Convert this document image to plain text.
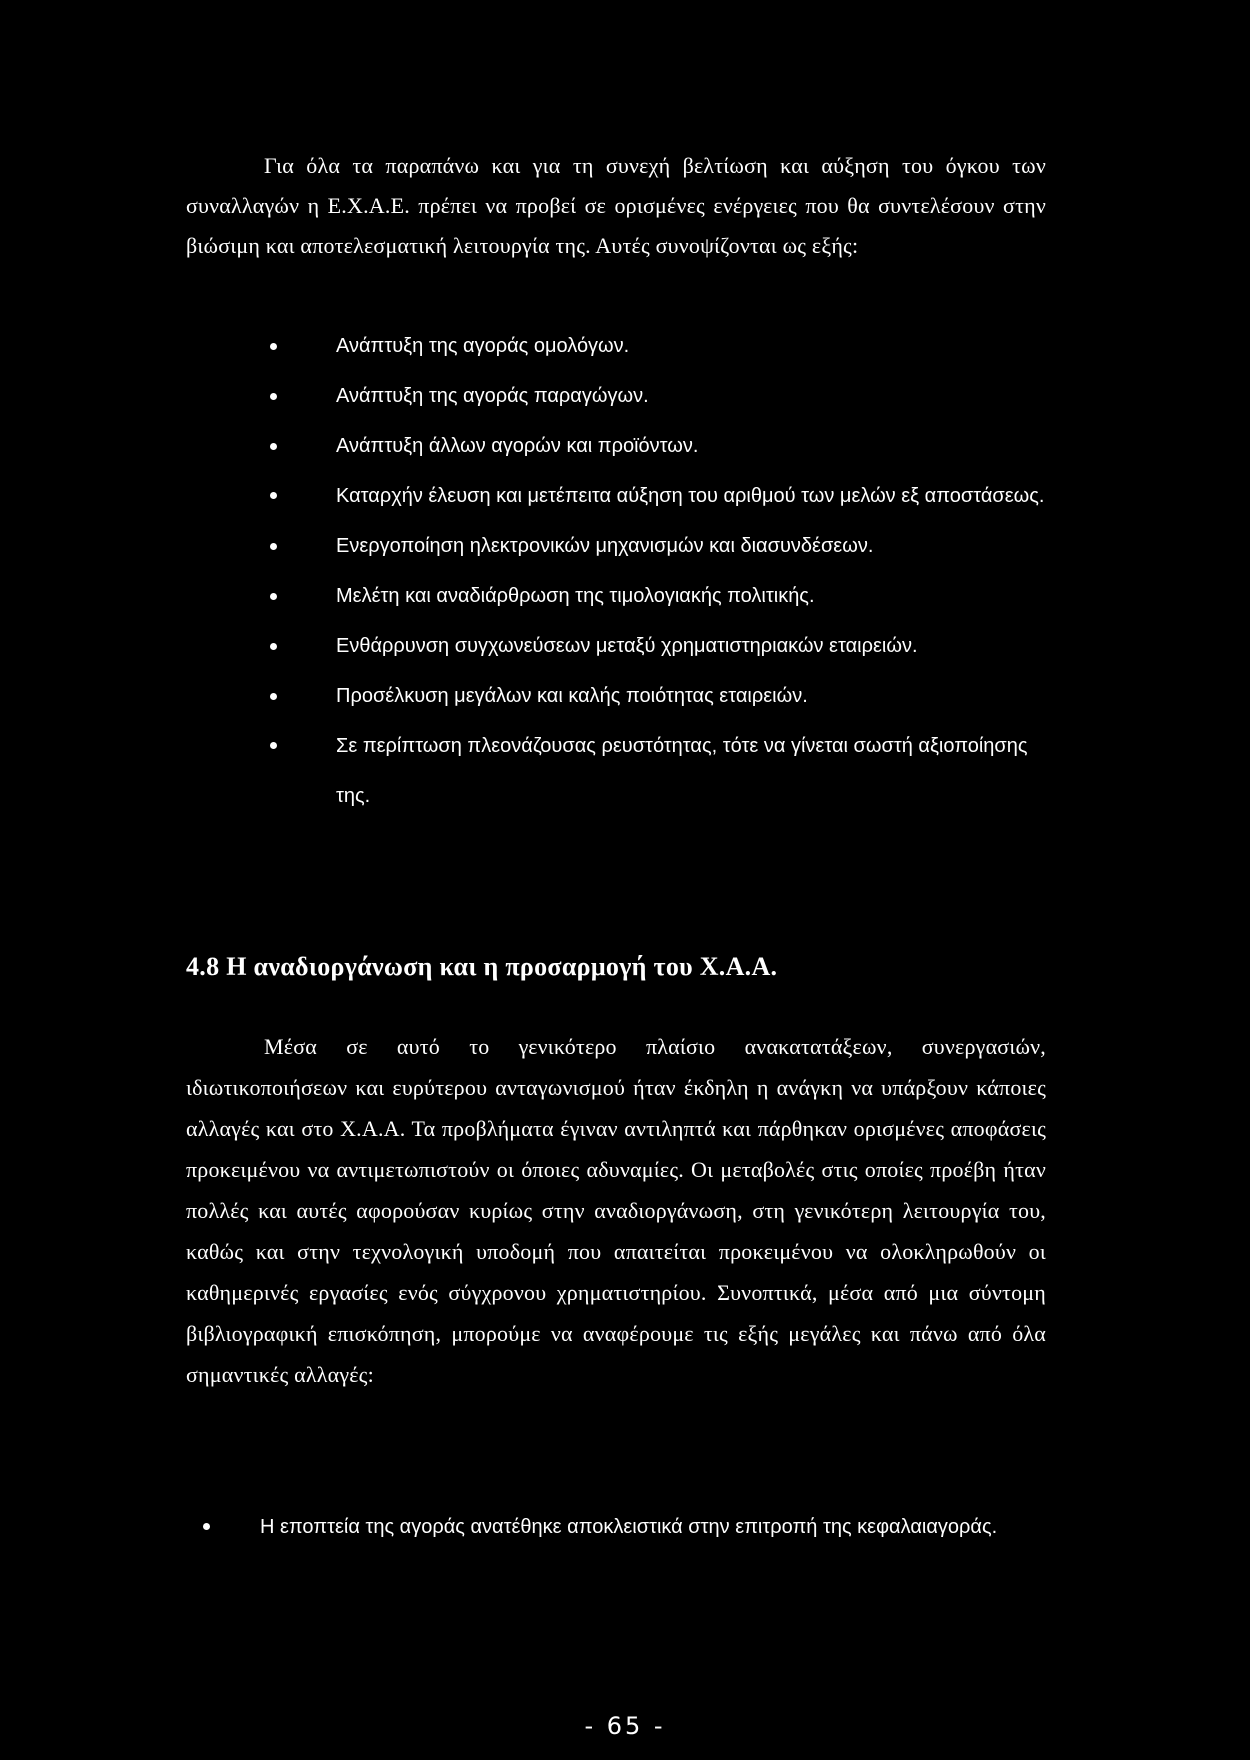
Για όλα τα παραπάνω και για τη συνεχή βελτίωση και αύξηση του όγκου των συναλλαγών η Ε.Χ.Α.Ε. πρέπει να προβεί σε ορισμένες ενέργειες που θα συντελέσουν στην βιώσιμη και αποτελεσματική λειτουργία της. Αυτές συνοψίζονται ως εξής:

Ανάπτυξη της αγοράς ομολόγων.
Ανάπτυξη της αγοράς παραγώγων.
Ανάπτυξη άλλων αγορών και προϊόντων.
Καταρχήν έλευση και μετέπειτα αύξηση του αριθμού των μελών εξ αποστάσεως.
Ενεργοποίηση ηλεκτρονικών μηχανισμών και διασυνδέσεων.
Μελέτη και αναδιάρθρωση της τιμολογιακής πολιτικής.
Ενθάρρυνση συγχωνεύσεων μεταξύ χρηματιστηριακών εταιρειών.
Προσέλκυση μεγάλων και καλής ποιότητας εταιρειών.
Σε περίπτωση πλεονάζουσας ρευστότητας, τότε να γίνεται σωστή αξιοποίησης της.
4.8 Η αναδιοργάνωση και η προσαρμογή του Χ.Α.Α.

Μέσα σε αυτό το γενικότερο πλαίσιο ανακατατάξεων, συνεργασιών, ιδιωτικοποιήσεων και ευρύτερου ανταγωνισμού ήταν έκδηλη η ανάγκη να υπάρξουν κάποιες αλλαγές και στο Χ.Α.Α. Τα προβλήματα έγιναν αντιληπτά και πάρθηκαν ορισμένες αποφάσεις προκειμένου να αντιμετωπιστούν οι όποιες αδυναμίες. Οι μεταβολές στις οποίες προέβη ήταν πολλές και αυτές αφορούσαν κυρίως στην αναδιοργάνωση, στη γενικότερη λειτουργία του, καθώς και στην τεχνολογική υποδομή που απαιτείται προκειμένου να ολοκληρωθούν οι καθημερινές εργασίες ενός σύγχρονου χρηματιστηρίου. Συνοπτικά, μέσα από μια σύντομη βιβλιογραφική επισκόπηση, μπορούμε να αναφέρουμε τις εξής μεγάλες και πάνω από όλα σημαντικές αλλαγές:

Η εποπτεία της αγοράς ανατέθηκε αποκλειστικά στην επιτροπή της κεφαλαιαγοράς.
- 65 -
